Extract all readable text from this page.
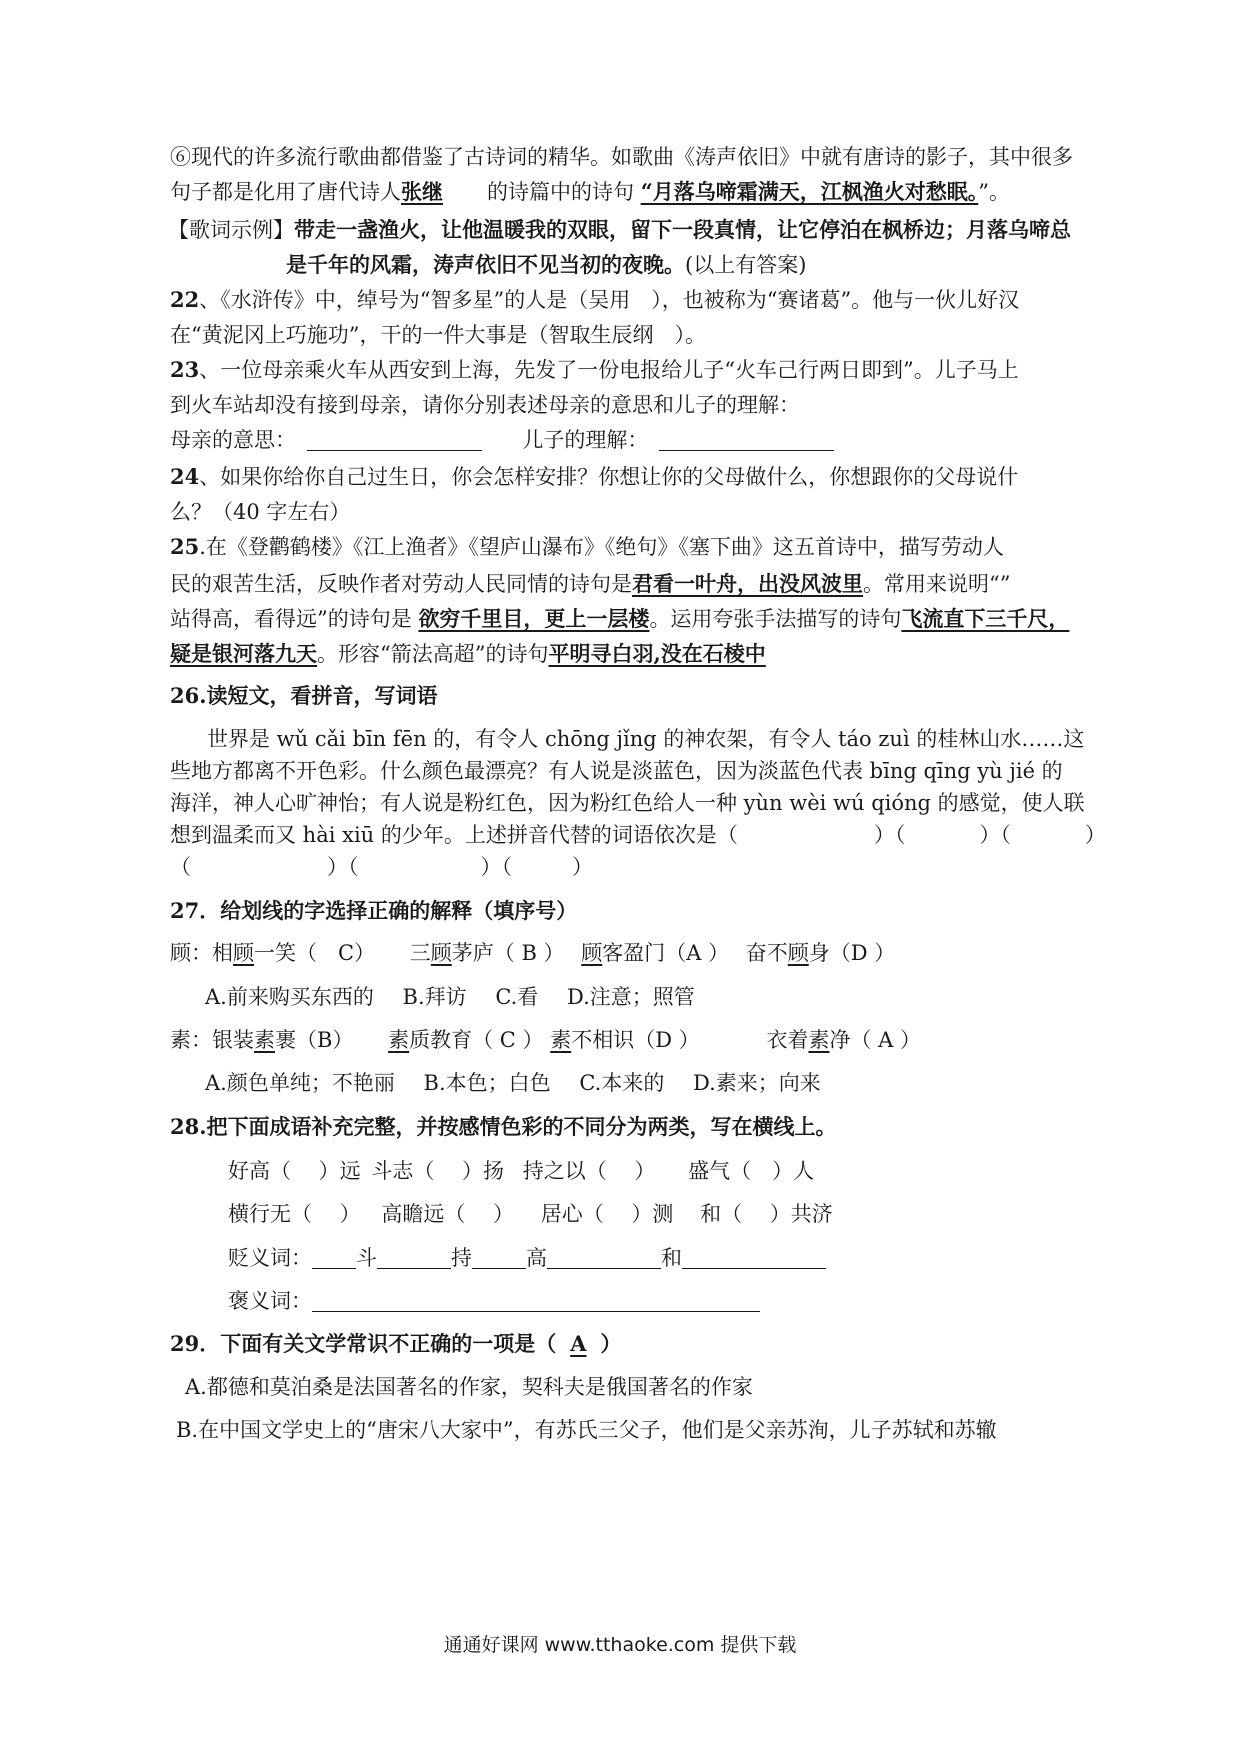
⑥现代的许多流行歌曲都借鉴了古诗词的精华。如歌曲《涛声依旧》中就有唐诗的影子，其中很多
句子都是化用了唐代诗人张继 的诗篇中的诗句 “月落乌啼霜满天，江枫渔火对愁眠。”。
【歌词示例】带走一盏渔火，让他温暖我的双眼，留下一段真情，让它停泊在枫桥边；月落乌啼总
是千年的风霜，涛声依旧不见当初的夜晚。(以上有答案)
22、《水浒传》中，绰号为“智多星”的人是（吴用　），也被称为“赛诸葛”。他与一伙儿好汉
在“黄泥冈上巧施功”，干的一件大事是（智取生辰纲　）。
23、一位母亲乘火车从西安到上海，先发了一份电报给儿子“火车己行两日即到”。儿子马上
到火车站却没有接到母亲，请你分别表述母亲的意思和儿子的理解：
母亲的意思：	儿子的理解：
24、如果你给你自己过生日，你会怎样安排？你想让你的父母做什么，你想跟你的父母说什
么？（40 字左右）
25.在《登鹳鹤楼》《江上渔者》《望庐山瀑布》《绝句》《塞下曲》这五首诗中，描写劳动人
民的艰苦生活，反映作者对劳动人民同情的诗句是君看一叶舟，出没风波里。常用来说明“”
站得高，看得远”的诗句是 欲穷千里目，更上一层楼。运用夸张手法描写的诗句飞流直下三千尺，
疑是银河落九天。形容“箭法高超”的诗句平明寻白羽,没在石棱中
26.读短文，看拼音，写词语
世界是 wǔ cǎi bīn fēn 的，有令人 chōng jǐng 的神农架，有令人 táo zuì 的桂林山水……这
些地方都离不开色彩。什么颜色最漂亮？有人说是淡蓝色，因为淡蓝色代表 bīng qīng yù jié 的
海洋，神人心旷神怡；有人说是粉红色，因为粉红色给人一种 yùn wèi wú qióng 的感觉，使人联
想到温柔而又 hài xiū 的少年。上述拼音代替的词语依次是（	）（	）（	）
（	）（	）（	）
27．给划线的字选择正确的解释（填序号）
顾：相顾一笑（　C） 三顾茅庐（ B ） 顾客盈门（A ） 奋不顾身（D ）
A.前来购买东西的 B.拜访 C.看 D.注意；照管
素：银装素裹（B） 素质教育（ C ） 素不相识（D ）	衣着素净（ A ）
A.颜色单纯；不艳丽 B.本色；白色 C.本来的 D.素来；向来
28.把下面成语补充完整，并按感情色彩的不同分为两类，写在横线上。
好高（　 ）远 斗志（　 ）扬 持之以（　 ） 盛气（　）人
横行无（　 ） 高瞻远（　 ） 居心（　 ）测 和（　 ）共济
贬义词： 斗	持	高	和
褒义词：
29．下面有关文学常识不正确的一项是（ A ）
A.都德和莫泊桑是法国著名的作家，契科夫是俄国著名的作家
B.在中国文学史上的“唐宋八大家中”，有苏氏三父子，他们是父亲苏洵，儿子苏轼和苏辙
通通好课网 www.tthaoke.com 提供下载
